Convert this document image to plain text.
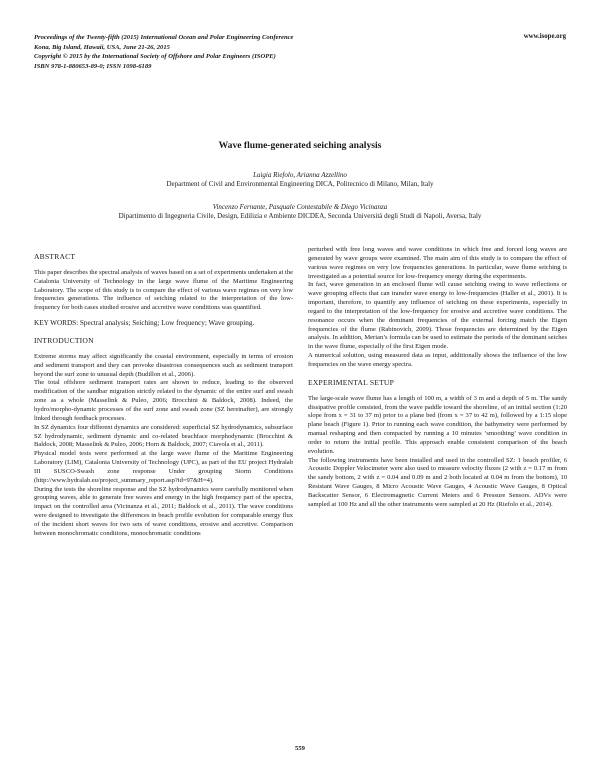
Proceedings of the Twenty-fifth (2015) International Ocean and Polar Engineering Conference
Kona, Big Island, Hawaii, USA, June 21-26, 2015
Copyright © 2015 by the International Society of Offshore and Polar Engineers (ISOPE)
ISBN 978-1-880653-89-0; ISSN 1098-6189
www.isope.org
Wave flume-generated seiching analysis
Luigia Riefolo, Arianna Azzellino
Department of Civil and Environmental Engineering DICA, Politecnico di Milano, Milan, Italy
Vincenzo Fernante, Pasquale Contestabile & Diego Vicinanza
Dipartimento di Ingegneria Civile, Design, Edilizia e Ambiente DICDEA, Seconda Università degli Studi di Napoli, Aversa, Italy
ABSTRACT

This paper describes the spectral analysis of waves based on a set of experiments undertaken at the Catalonia University of Technology in the large wave flume of the Maritime Engineering Laboratory. The scope of this study is to compare the effect of various wave regimes on very low frequencies generations. The influence of seiching related to the interpretation of the low-frequency for both cases studied erosive and accretive wave conditions was quantified.

KEY WORDS: Spectral analysis; Seiching; Low frequency; Wave grouping.

INTRODUCTION

Extreme storms may affect significantly the coastal environment, especially in terms of erosion and sediment transport and they can provoke disastrous consequences such as sediment transport beyond the surf zone to unusual depth (Budillon et al., 2006).

The total offshore sediment transport rates are shown to reduce, leading to the observed modification of the sandbar migration strictly related to the dynamic of the entire surf and swash zone as a whole (Masselink & Puleo, 2006; Brocchini & Baldock, 2008). Indeed, the hydro/morpho-dynamic processes of the surf zone and swash zone (SZ hereinafter), are strongly linked through feedback processes.

In SZ dynamics four different dynamics are considered: superficial SZ hydrodynamics, subsurface SZ hydrodynamic, sediment dynamic and co-related beachface morphodynamic (Brocchini & Baldock, 2008; Masselink & Puleo, 2006; Horn & Baldock, 2007; Ciavola et al., 2011).

Physical model tests were performed at the large wave flume of the Maritime Engineering Laboratory (LIM), Catalonia University of Technology (UPC), as part of the EU project Hydralab III SUSCO-Swash zone response Under grouping Storm Conditions (http://www.hydralab.eu/project_summary_report.asp?id=97&H=4).

During the tests the shoreline response and the SZ hydrodynamics were carefully monitored when grouping waves, able to generate free waves and energy in the high frequency part of the spectra, impact on the controlled area (Vicinanza et al., 2011; Baldock et al., 2011). The wave conditions were designed to investigate the differences in beach profile evolution for comparable energy flux of the incident short waves for two sets of wave conditions, erosive and accretive. Comparison between monochromatic conditions, monochromatic conditions

perturbed with free long waves and wave conditions in which free and forced long waves are generated by wave groups were examined. The main aim of this study is to compare the effect of various wave regimes on very low frequencies generations. In particular, wave flume seiching is investigated as a potential source for low-frequency energy during the experiments.

In fact, wave generation in an enclosed flume will cause seiching owing to wave reflections or wave grouping effects that can transfer wave energy to low-frequencies (Haller et al., 2001). It is important, therefore, to quantify any influence of seiching on these experiments, especially in regard to the interpretation of the low-frequency for erosive and accretive wave conditions. The resonance occurs when the dominant frequencies of the external forcing match the Eigen frequencies of the flume (Rabinovich, 2009). Those frequencies are determined by the Eigen analysis. In addition, Merian’s formula can be used to estimate the periods of the dominant seiches in the wave flume, especially of the first Eigen mode.

A numerical solution, using measured data as input, additionally shows the influence of the low frequencies on the wave energy spectra.

EXPERIMENTAL SETUP

The large-scale wave flume has a length of 100 m, a width of 3 m and a depth of 5 m. The sandy dissipative profile consisted, from the wave paddle toward the shoreline, of an initial section (1:20 slope from x = 31 to 37 m) prior to a plane bed (from x = 37 to 42 m), followed by a 1:15 slope plane beach (Figure 1). Prior to running each wave condition, the bathymetry were performed by manual reshaping and then compacted by running a 10 minutes ‘smoothing’ wave condition in order to return the initial profile. This approach enable consistent comparison of the beach evolution.

The following instruments have been installed and used in the controlled SZ: 1 beach profiler, 6 Acoustic Doppler Velocimeter were also used to measure velocity fluxes (2 with z = 0.17 m from the sandy bottom, 2 with z = 0.04 and 0.09 m and 2 both located at 0.04 m from the bottom), 10 Resistant Wave Gauges, 8 Micro Acoustic Wave Gauges, 4 Acoustic Wave Gauges, 8 Optical Backscatter Sensor, 6 Electromagnetic Current Meters and 6 Pressure Sensors. ADVs were sampled at 100 Hz and all the other instruments were sampled at 20 Hz (Riefolo et al., 2014).

559
